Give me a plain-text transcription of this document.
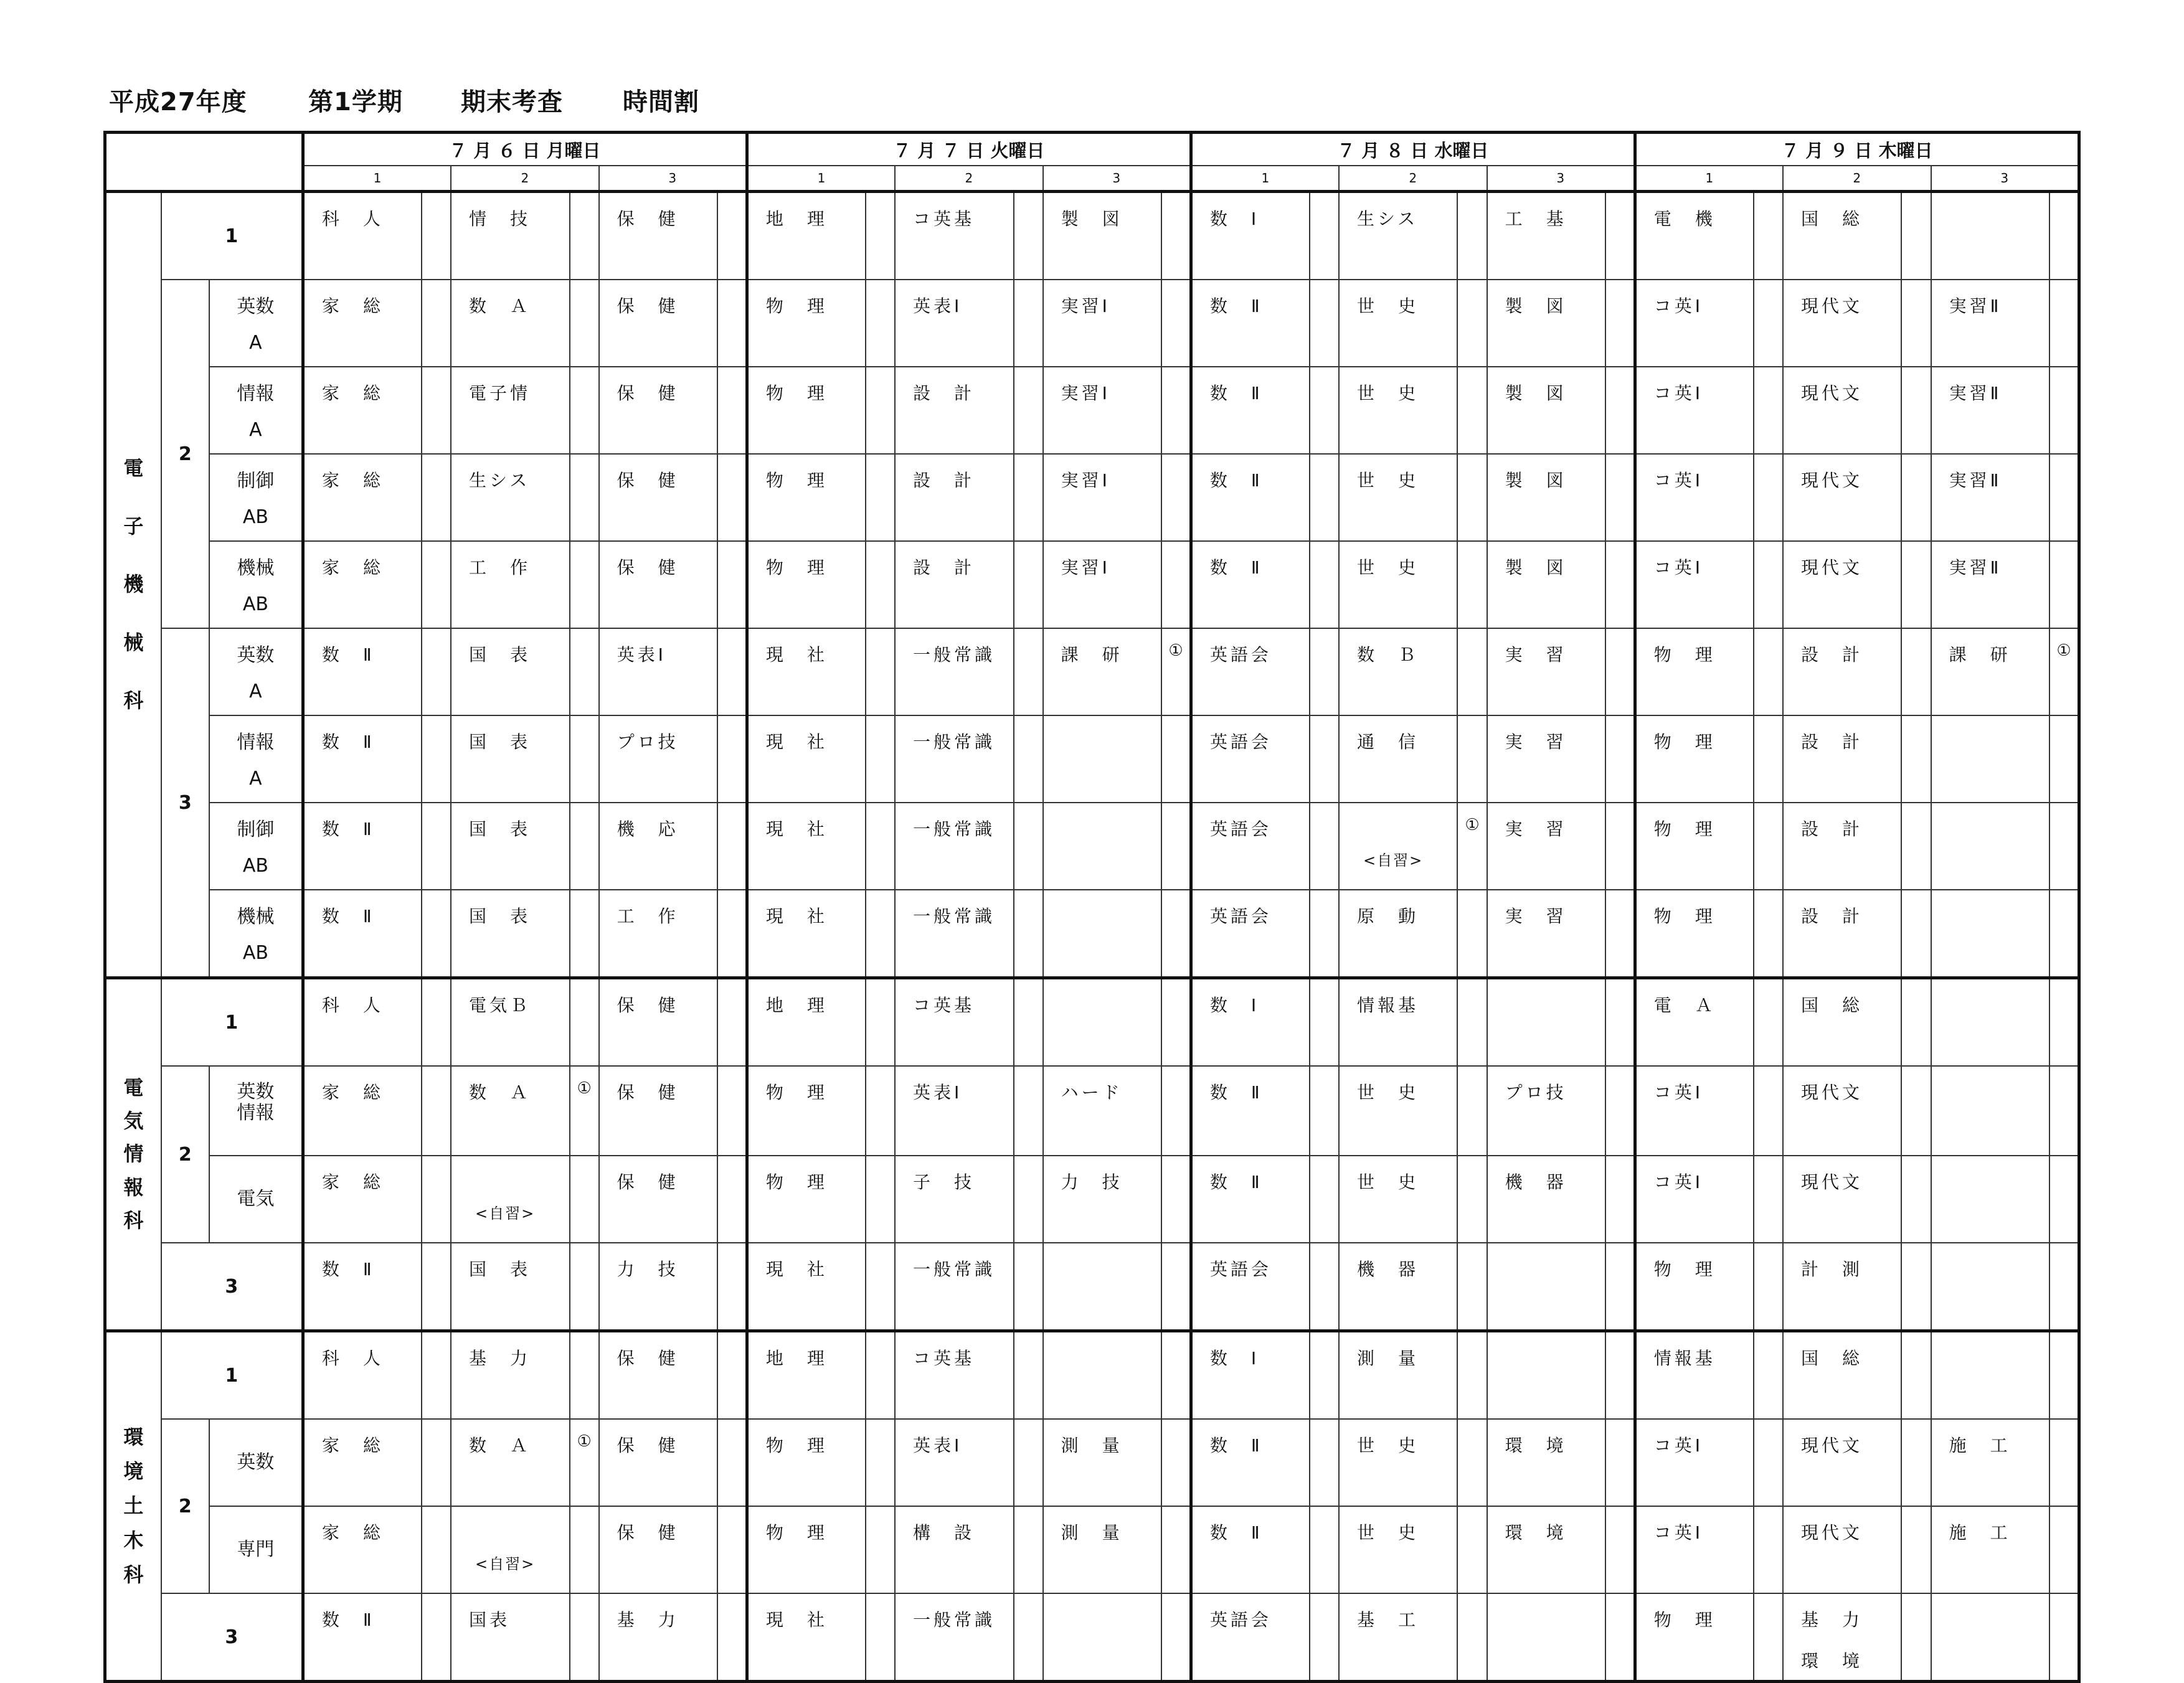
平成27年度	第1学期	期末考査	時間割
			７ 月 ６ 日 月曜日						７ 月 ７ 日 火曜日						７ 月 ８ 日 水曜日						７ 月 ９ 日 木曜日					
			1		2		3		1		2		3		1		2		3		1		2		3	

電
子
機
械
科	1		科　人		情　技		保　健		地　理		コ英基		製　図		数　Ⅰ		生シス		工　基		電　機		国　総			
	2	英数
A	家　総		数　Ａ		保　健		物　理		英表Ⅰ		実習Ⅰ		数　Ⅱ		世　史		製　図		コ英Ⅰ		現代文		実習Ⅱ	

		情報
A	家　総		電子情		保　健		物　理		設　計		実習Ⅰ		数　Ⅱ		世　史		製　図		コ英Ⅰ		現代文		実習Ⅱ	

		制御
AB	家　総		生シス		保　健		物　理		設　計		実習Ⅰ		数　Ⅱ		世　史		製　図		コ英Ⅰ		現代文		実習Ⅱ	

		機械
AB	家　総		工　作		保　健		物　理		設　計		実習Ⅰ		数　Ⅱ		世　史		製　図		コ英Ⅰ		現代文		実習Ⅱ	
	3	英数
A	数　Ⅱ		国　表		英表Ⅰ		現　社		一般常識		課　研	①	英語会		数　Ｂ		実　習		物　理		設　計		課　研	①

		情報
A	数　Ⅱ		国　表		プロ技		現　社		一般常識				英語会		通　信		実　習		物　理		設　計			

		制御
AB	数　Ⅱ		国　表		機　応		現　社		一般常識				英語会		<自習>	①	実　習		物　理		設　計			

		機械
AB	数　Ⅱ		国　表		工　作		現　社		一般常識				英語会		原　動		実　習		物　理		設　計			

電
気
情
報
科	1		科　人		電気Ｂ		保　健		地　理		コ英基				数　Ⅰ		情報基				電　Ａ		国　総			
	2	英数
情報	家　総		数　Ａ	①	保　健		物　理		英表Ⅰ		ハード		数　Ⅱ		世　史		プロ技		コ英Ⅰ		現代文			

		電気	家　総		<自習>		保　健		物　理		子　技		力　技		数　Ⅱ		世　史		機　器		コ英Ⅰ		現代文			
	3		数　Ⅱ		国　表		力　技		現　社		一般常識				英語会		機　器				物　理		計　測			

環
境
土
木
科	1		科　人		基　力		保　健		地　理		コ英基				数　Ⅰ		測　量				情報基		国　総			
	2	英数	家　総		数　Ａ	①	保　健		物　理		英表Ⅰ		測　量		数　Ⅱ		世　史		環　境		コ英Ⅰ		現代文		施　工	

		専門	家　総		<自習>		保　健		物　理		構　設		測　量		数　Ⅱ		世　史		環　境		コ英Ⅰ		現代文		施　工	
	3		数　Ⅱ		国表		基　力		現　社		一般常識				英語会		基　工				物　理		基　力
環　境			
